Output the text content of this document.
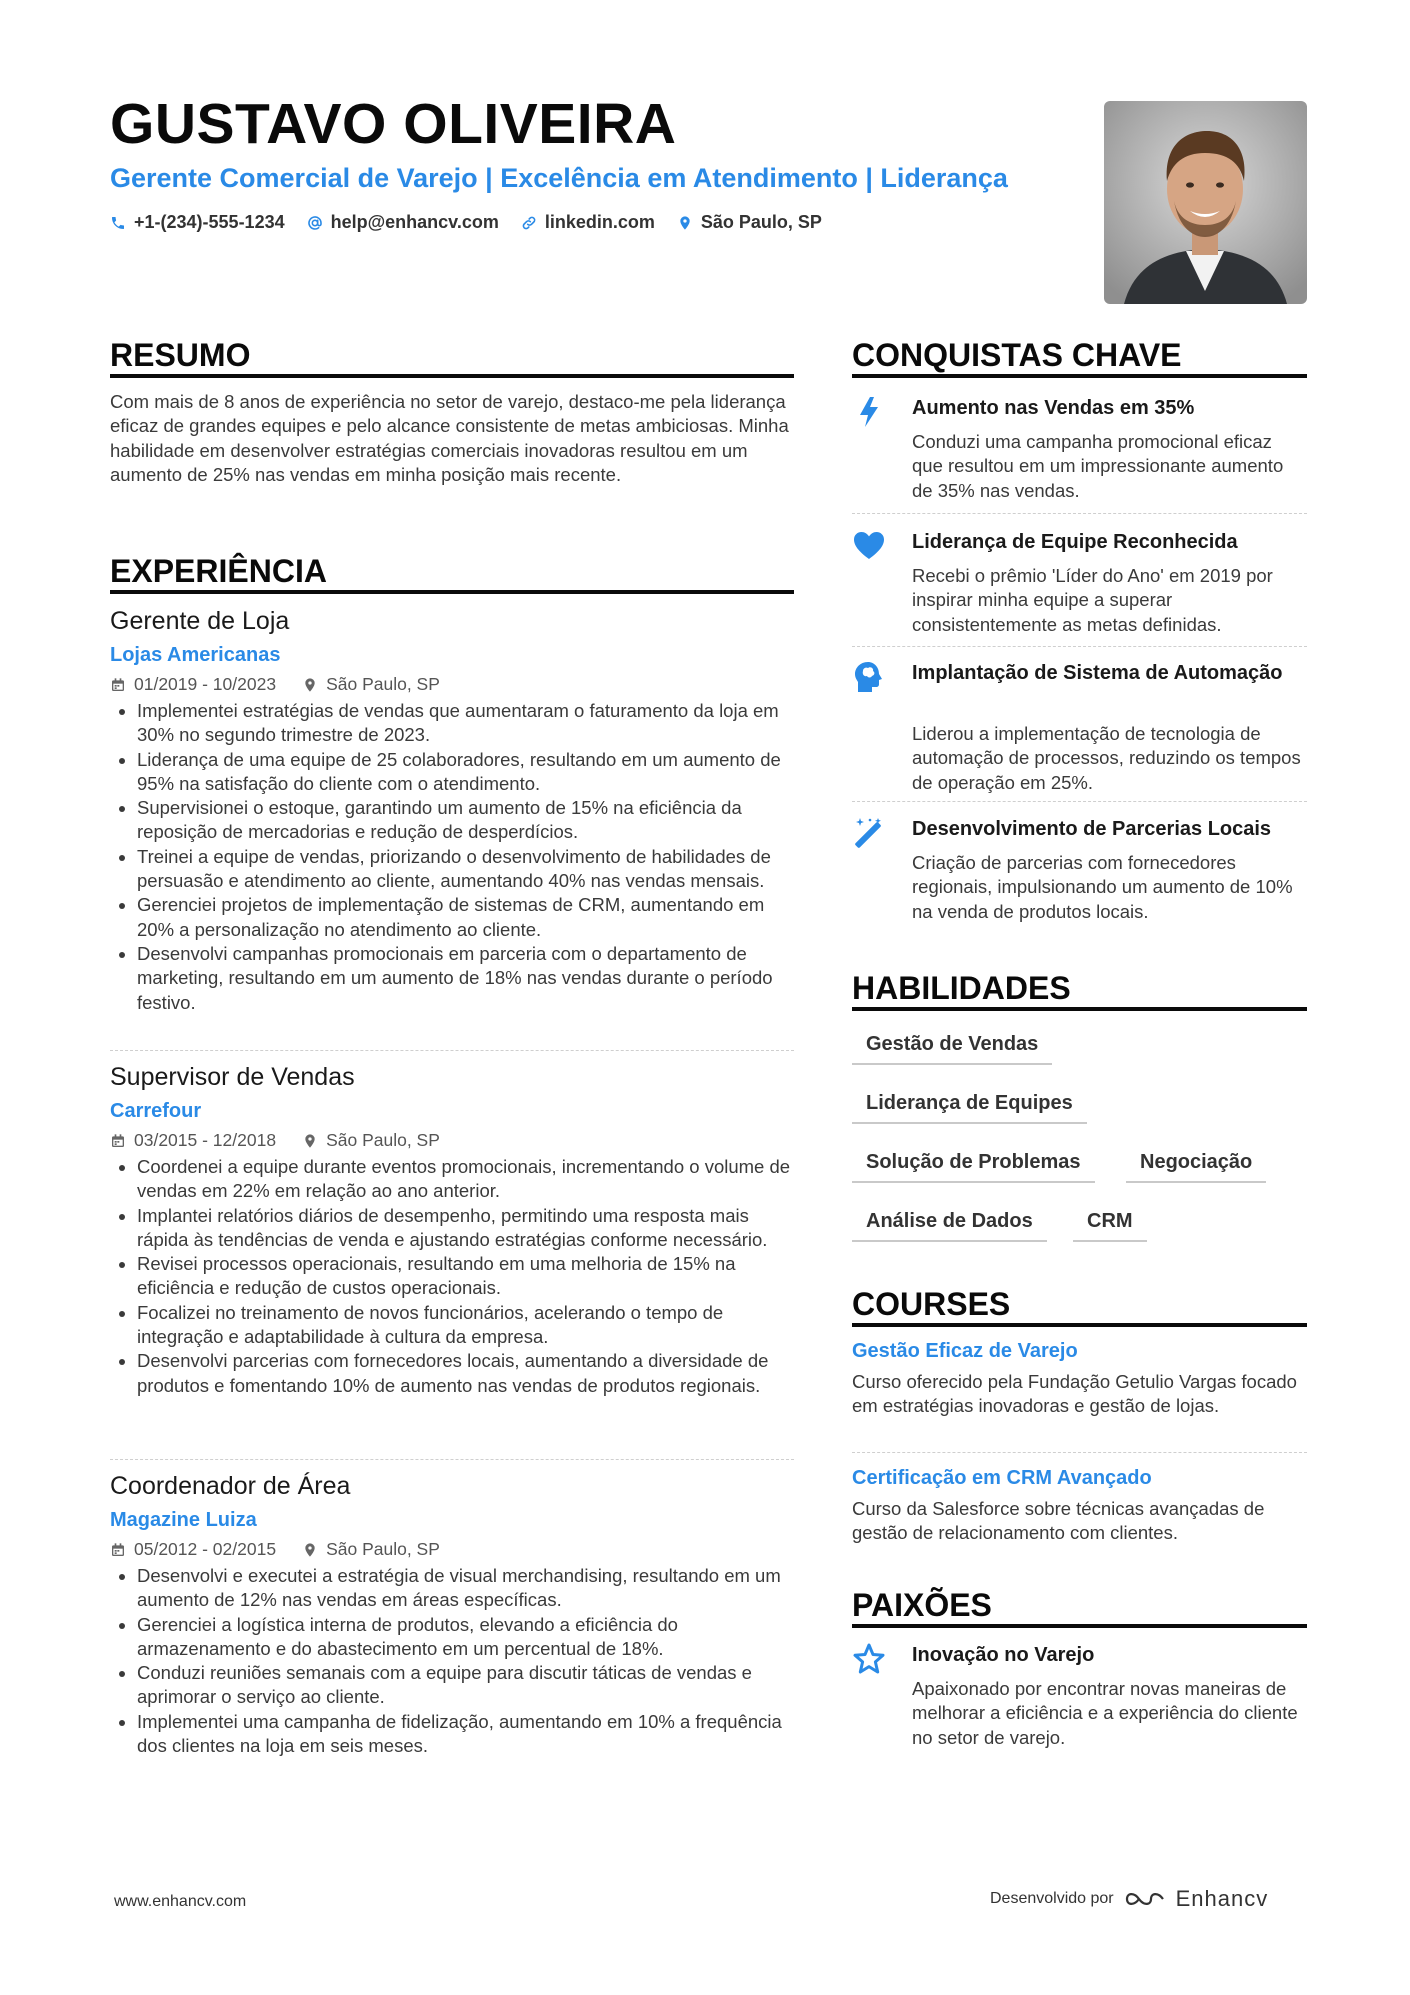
GUSTAVO OLIVEIRA

Gerente Comercial de Varejo | Excelência em Atendimento | Liderança

+1-(234)-555-1234	help@enhancv.com	linkedin.com	São Paulo, SP
RESUMO

Com mais de 8 anos de experiência no setor de varejo, destaco-me pela liderança eficaz de grandes equipes e pelo alcance consistente de metas ambiciosas. Minha habilidade em desenvolver estratégias comerciais inovadoras resultou em um aumento de 25% nas vendas em minha posição mais recente.

EXPERIÊNCIA

Gerente de Loja

Lojas Americanas

01/2019 - 10/2023	São Paulo, SP
• Implementei estratégias de vendas que aumentaram o faturamento da loja em 30% no segundo trimestre de 2023.
• Liderança de uma equipe de 25 colaboradores, resultando em um aumento de 95% na satisfação do cliente com o atendimento.
• Supervisionei o estoque, garantindo um aumento de 15% na eficiência da reposição de mercadorias e redução de desperdícios.
• Treinei a equipe de vendas, priorizando o desenvolvimento de habilidades de persuasão e atendimento ao cliente, aumentando 40% nas vendas mensais.
• Gerenciei projetos de implementação de sistemas de CRM, aumentando em 20% a personalização no atendimento ao cliente.
• Desenvolvi campanhas promocionais em parceria com o departamento de marketing, resultando em um aumento de 18% nas vendas durante o período festivo.

Supervisor de Vendas

Carrefour

03/2015 - 12/2018	São Paulo, SP
• Coordenei a equipe durante eventos promocionais, incrementando o volume de vendas em 22% em relação ao ano anterior.
• Implantei relatórios diários de desempenho, permitindo uma resposta mais rápida às tendências de venda e ajustando estratégias conforme necessário.
• Revisei processos operacionais, resultando em uma melhoria de 15% na eficiência e redução de custos operacionais.
• Focalizei no treinamento de novos funcionários, acelerando o tempo de integração e adaptabilidade à cultura da empresa.
• Desenvolvi parcerias com fornecedores locais, aumentando a diversidade de produtos e fomentando 10% de aumento nas vendas de produtos regionais.

Coordenador de Área

Magazine Luiza

05/2012 - 02/2015	São Paulo, SP
• Desenvolvi e executei a estratégia de visual merchandising, resultando em um aumento de 12% nas vendas em áreas específicas.
• Gerenciei a logística interna de produtos, elevando a eficiência do armazenamento e do abastecimento em um percentual de 18%.
• Conduzi reuniões semanais com a equipe para discutir táticas de vendas e aprimorar o serviço ao cliente.
• Implementei uma campanha de fidelização, aumentando em 10% a frequência dos clientes na loja em seis meses.
CONQUISTAS CHAVE

Aumento nas Vendas em 35%

Conduzi uma campanha promocional eficaz que resultou em um impressionante aumento de 35% nas vendas.

Liderança de Equipe Reconhecida

Recebi o prêmio 'Líder do Ano' em 2019 por inspirar minha equipe a superar consistentemente as metas definidas.

Implantação de Sistema de Automação

Liderou a implementação de tecnologia de automação de processos, reduzindo os tempos de operação em 25%.

Desenvolvimento de Parcerias Locais

Criação de parcerias com fornecedores regionais, impulsionando um aumento de 10% na venda de produtos locais.

HABILIDADES
Gestão de Vendas
Liderança de Equipes
Solução de Problemas	Negociação
Análise de Dados	CRM
COURSES

Gestão Eficaz de Varejo

Curso oferecido pela Fundação Getulio Vargas focado em estratégias inovadoras e gestão de lojas.

Certificação em CRM Avançado

Curso da Salesforce sobre técnicas avançadas de gestão de relacionamento com clientes.

PAIXÕES

Inovação no Varejo

Apaixonado por encontrar novas maneiras de melhorar a eficiência e a experiência do cliente no setor de varejo.

www.enhancv.com	Desenvolvido por	Enhancv
